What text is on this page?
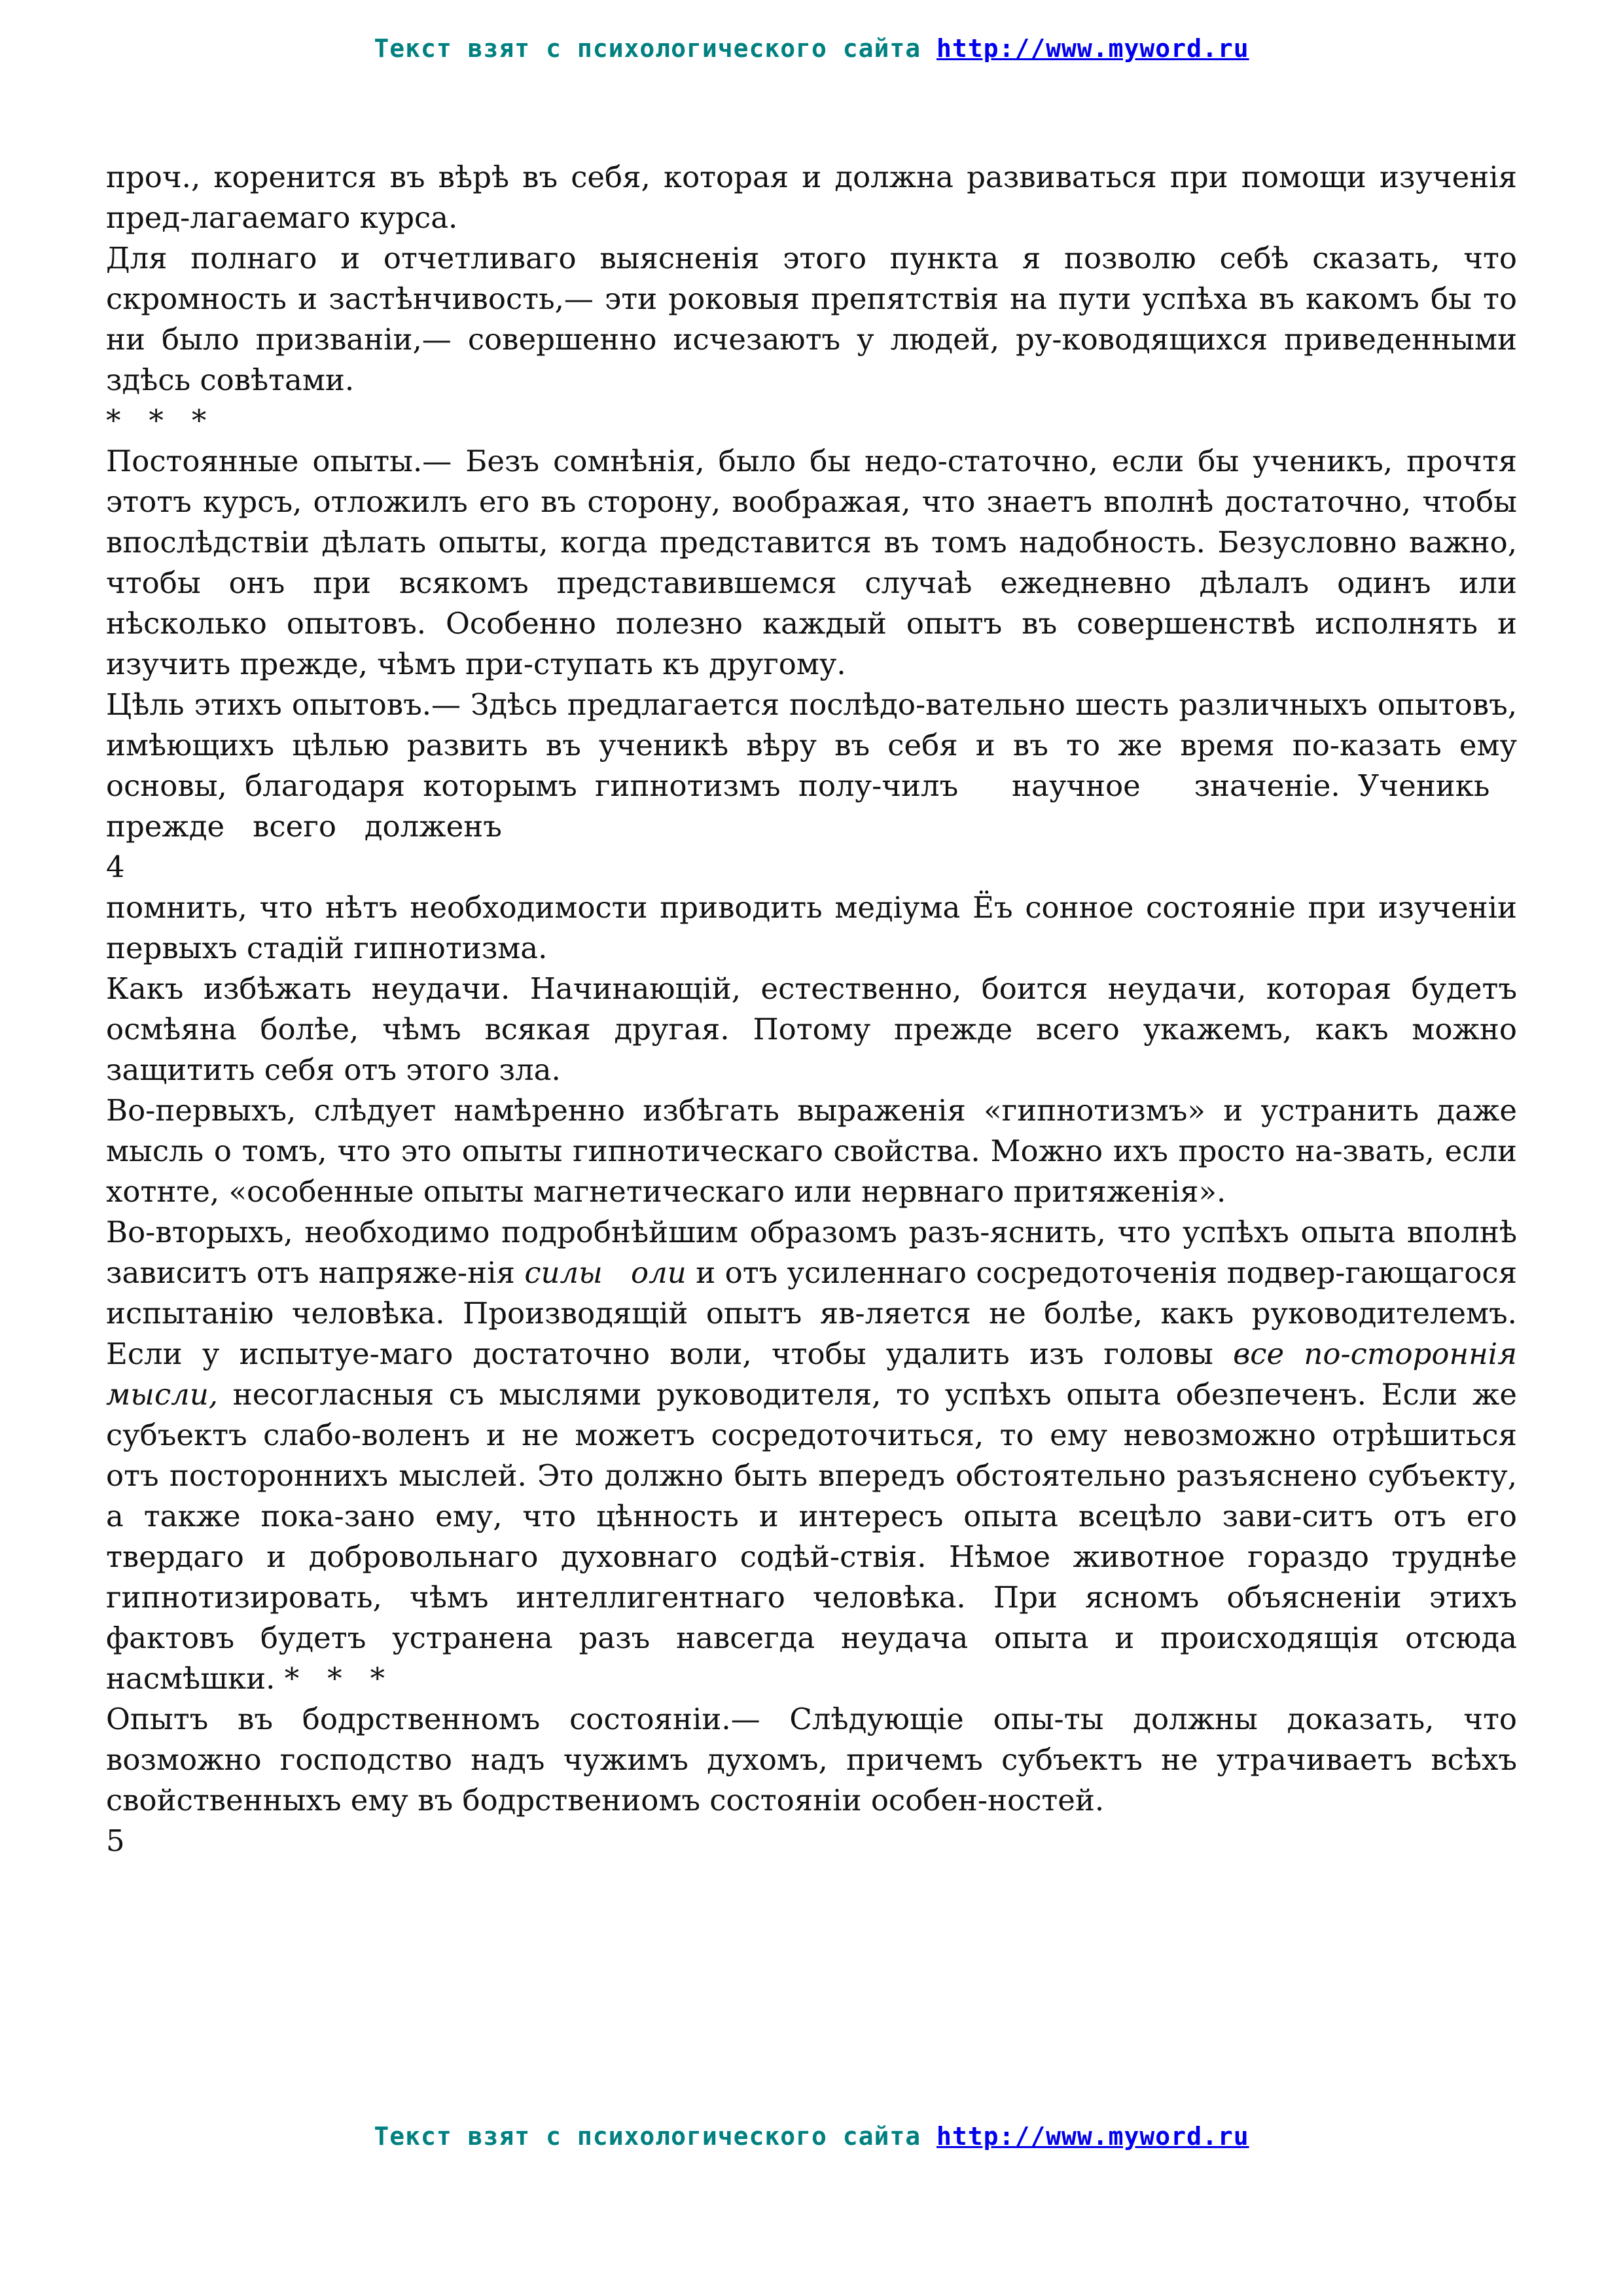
Текст взят с психологического сайта http://www.myword.ru

проч., коренится въ вѣрѣ въ себя, которая и должна развиваться при помощи изученія пред-лагаемаго курса.

Для полнаго и отчетливаго выясненія этого пункта я позволю себѣ сказать, что скромность и застѣнчивость,— эти роковыя препятствія на пути успѣха въ какомъ бы то ни было призваніи,— совершенно исчезаютъ у людей, ру-ководящихся приведенными здѣсь совѣтами.

*   *   *

Постоянные опыты.— Безъ сомнѣнія, было бы недо-статочно, если бы ученикъ, прочтя этотъ курсъ, отложилъ его въ сторону, воображая, что знаетъ вполнѣ достаточно, чтобы впослѣдствіи дѣлать опыты, когда представится въ томъ надобность. Безусловно важно, чтобы онъ при всякомъ представившемся случаѣ ежедневно дѣлалъ одинъ или нѣсколько опытовъ. Особенно полезно каждый опытъ въ совершенствѣ исполнять и изучить прежде, чѣмъ при-ступать къ другому.

Цѣль этихъ опытовъ.— Здѣсь предлагается послѣдо-вательно шесть различныхъ опытовъ, имѣющихъ цѣлью развить въ ученикѣ вѣру въ себя и въ то же время по-казать ему основы, благодаря которымъ гипнотизмъ полу-чилъ   научное   значеніе. Ученикь   прежде   всего   долженъ

4

помнить, что нѣтъ необходимости приводить медіума Ёъ сонное состояніе при изученіи первыхъ стадій гипнотизма.

Какъ избѣжать неудачи. Начинающій, естественно, боится неудачи, которая будетъ осмѣяна болѣе, чѣмъ всякая другая. Потому прежде всего укажемъ, какъ можно защитить себя отъ этого зла.

Во-первыхъ, слѣдует намѣренно избѣгать выраженія «гипнотизмъ» и устранить даже мысль о томъ, что это опыты гипнотическаго свойства. Можно ихъ просто на-звать, если хотнте, «особенные опыты магнетическаго или нервнаго притяженія».

Во-вторыхъ, необходимо подробнѣйшим образомъ разъ-яснить, что успѣхъ опыта вполнѣ зависитъ отъ напряже-нія силы   оли и отъ усиленнаго сосредоточенія подвер-гающагося испытанію человѣка. Производящій опытъ яв-ляется не болѣе, какъ руководителемъ. Если у испытуе-маго достаточно воли, чтобы удалить изъ головы все по-стороннія мысли, несогласныя съ мыслями руководителя, то успѣхъ опыта обезпеченъ. Если же субъектъ слабо-воленъ и не можетъ сосредоточиться, то ему невозможно отрѣшиться отъ постороннихъ мыслей. Это должно быть впередъ обстоятельно разъяснено субъекту, а также пока-зано ему, что цѣнность и интересъ опыта всецѣло зави-ситъ отъ его твердаго и добровольнаго духовнаго содѣй-ствія. Нѣмое животное гораздо труднѣе гипнотизировать, чѣмъ интеллигентнаго человѣка. При ясномъ объясненіи этихъ фактовъ будетъ устранена разъ навсегда неудача опыта и происходящія отсюда насмѣшки. *   *   *

Опытъ въ бодрственномъ состояніи.— Слѣдующіе опы-ты должны доказать, что возможно господство надъ чужимъ духомъ, причемъ субъектъ не утрачиваетъ всѣхъ свойственныхъ ему въ бодрствениомъ состояніи особен-ностей.

5

Текст взят с психологического сайта http://www.myword.ru
